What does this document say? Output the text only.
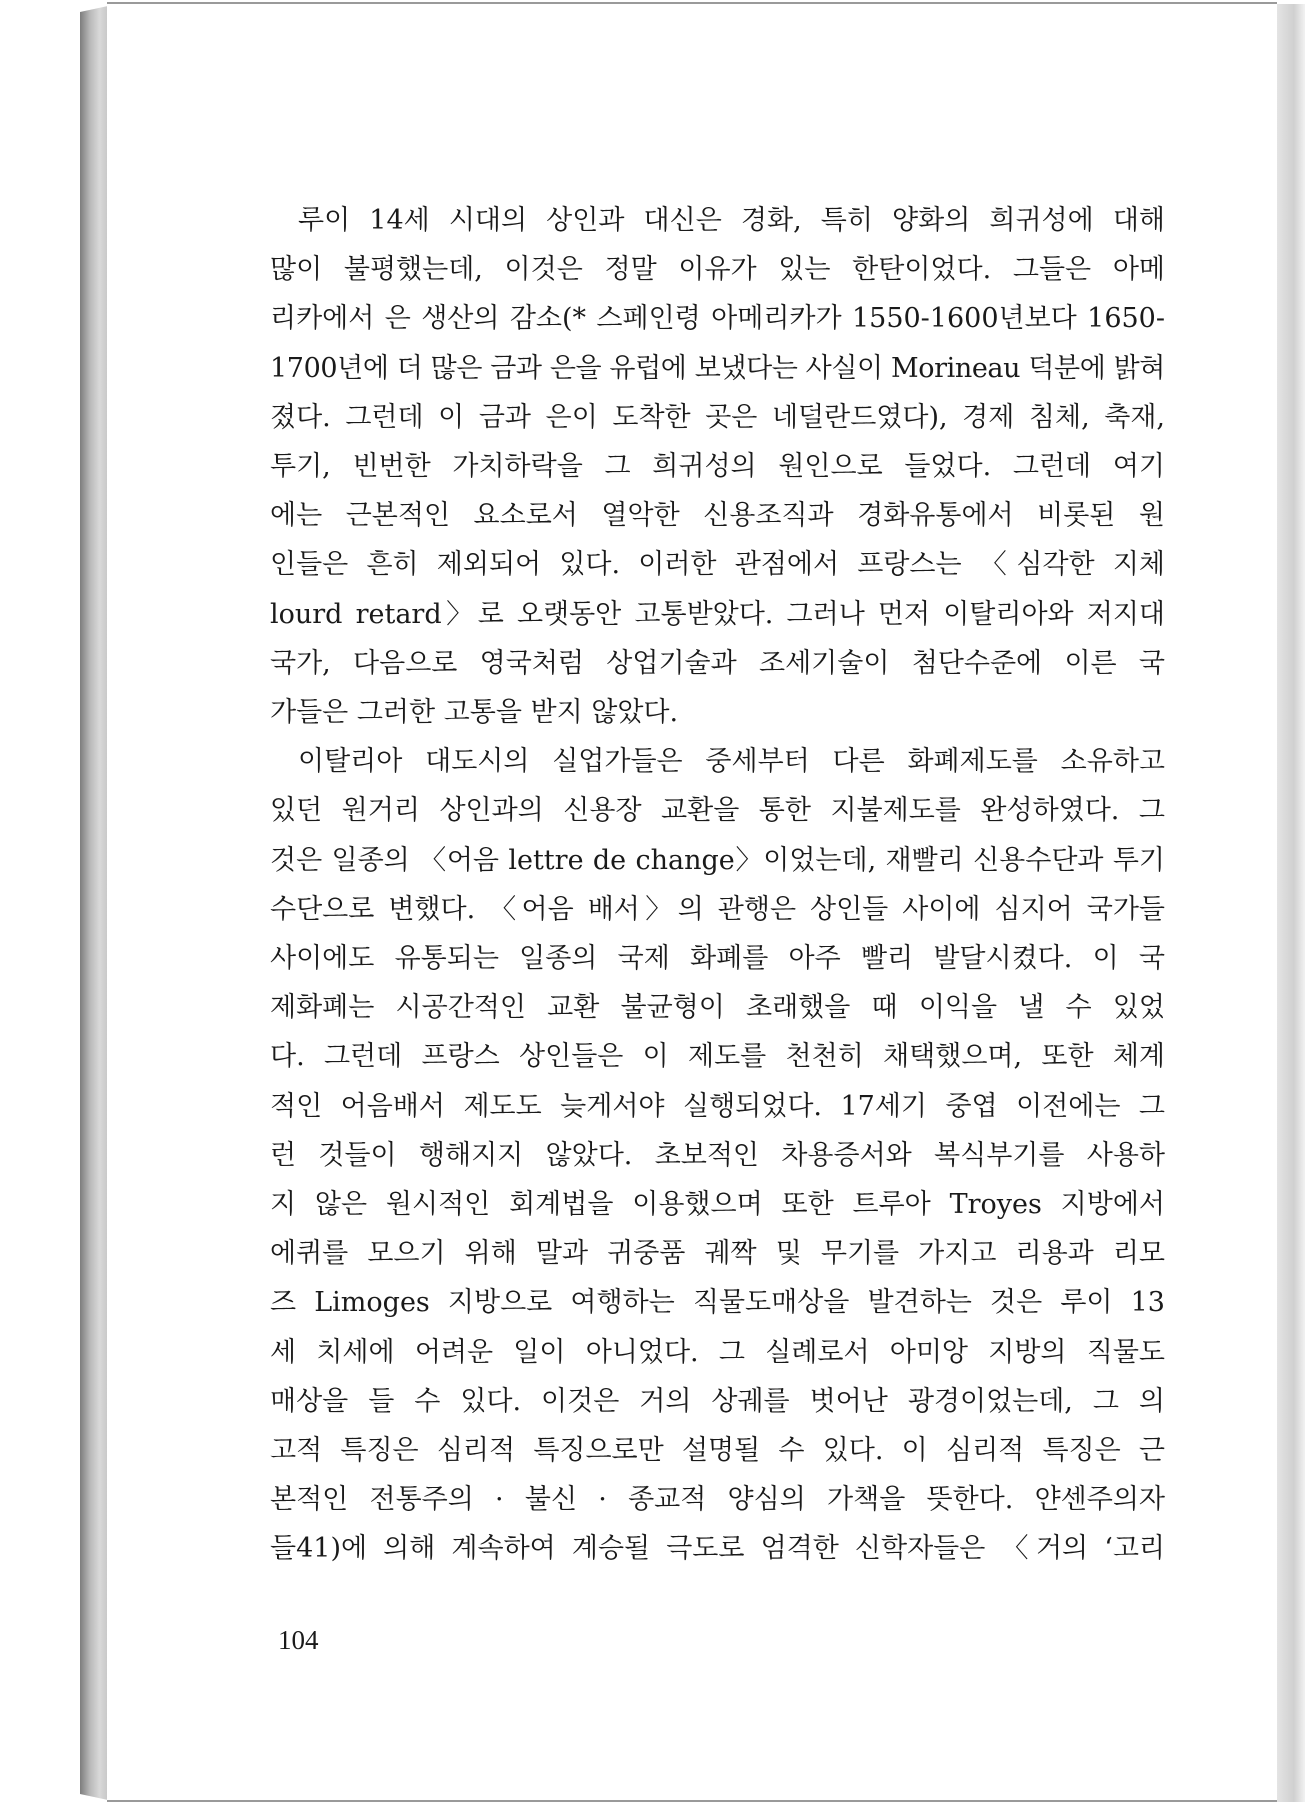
루이 14세 시대의 상인과 대신은 경화, 특히 양화의 희귀성에 대해
많이 불평했는데, 이것은 정말 이유가 있는 한탄이었다. 그들은 아메
리카에서 은 생산의 감소(* 스페인령 아메리카가 1550-1600년보다 1650-
1700년에 더 많은 금과 은을 유럽에 보냈다는 사실이 Morineau 덕분에 밝혀
졌다. 그런데 이 금과 은이 도착한 곳은 네덜란드였다), 경제 침체, 축재,
투기, 빈번한 가치하락을 그 희귀성의 원인으로 들었다. 그런데 여기
에는 근본적인 요소로서 열악한 신용조직과 경화유통에서 비롯된 원
인들은 흔히 제외되어 있다. 이러한 관점에서 프랑스는 〈심각한 지체
lourd retard〉로 오랫동안 고통받았다. 그러나 먼저 이탈리아와 저지대
국가, 다음으로 영국처럼 상업기술과 조세기술이 첨단수준에 이른 국
가들은 그러한 고통을 받지 않았다.
이탈리아 대도시의 실업가들은 중세부터 다른 화폐제도를 소유하고
있던 원거리 상인과의 신용장 교환을 통한 지불제도를 완성하였다. 그
것은 일종의 〈어음 lettre de change〉이었는데, 재빨리 신용수단과 투기
수단으로 변했다. 〈어음 배서〉의 관행은 상인들 사이에 심지어 국가들
사이에도 유통되는 일종의 국제 화폐를 아주 빨리 발달시켰다. 이 국
제화폐는 시공간적인 교환 불균형이 초래했을 때 이익을 낼 수 있었
다. 그런데 프랑스 상인들은 이 제도를 천천히 채택했으며, 또한 체계
적인 어음배서 제도도 늦게서야 실행되었다. 17세기 중엽 이전에는 그
런 것들이 행해지지 않았다. 초보적인 차용증서와 복식부기를 사용하
지 않은 원시적인 회계법을 이용했으며 또한 트루아 Troyes 지방에서
에퀴를 모으기 위해 말과 귀중품 궤짝 및 무기를 가지고 리용과 리모
즈 Limoges 지방으로 여행하는 직물도매상을 발견하는 것은 루이 13
세 치세에 어려운 일이 아니었다. 그 실례로서 아미앙 지방의 직물도
매상을 들 수 있다. 이것은 거의 상궤를 벗어난 광경이었는데, 그 의
고적 특징은 심리적 특징으로만 설명될 수 있다. 이 심리적 특징은 근
본적인 전통주의 · 불신 · 종교적 양심의 가책을 뜻한다. 얀센주의자
들41)에 의해 계속하여 계승될 극도로 엄격한 신학자들은 〈거의 ‘고리
104
